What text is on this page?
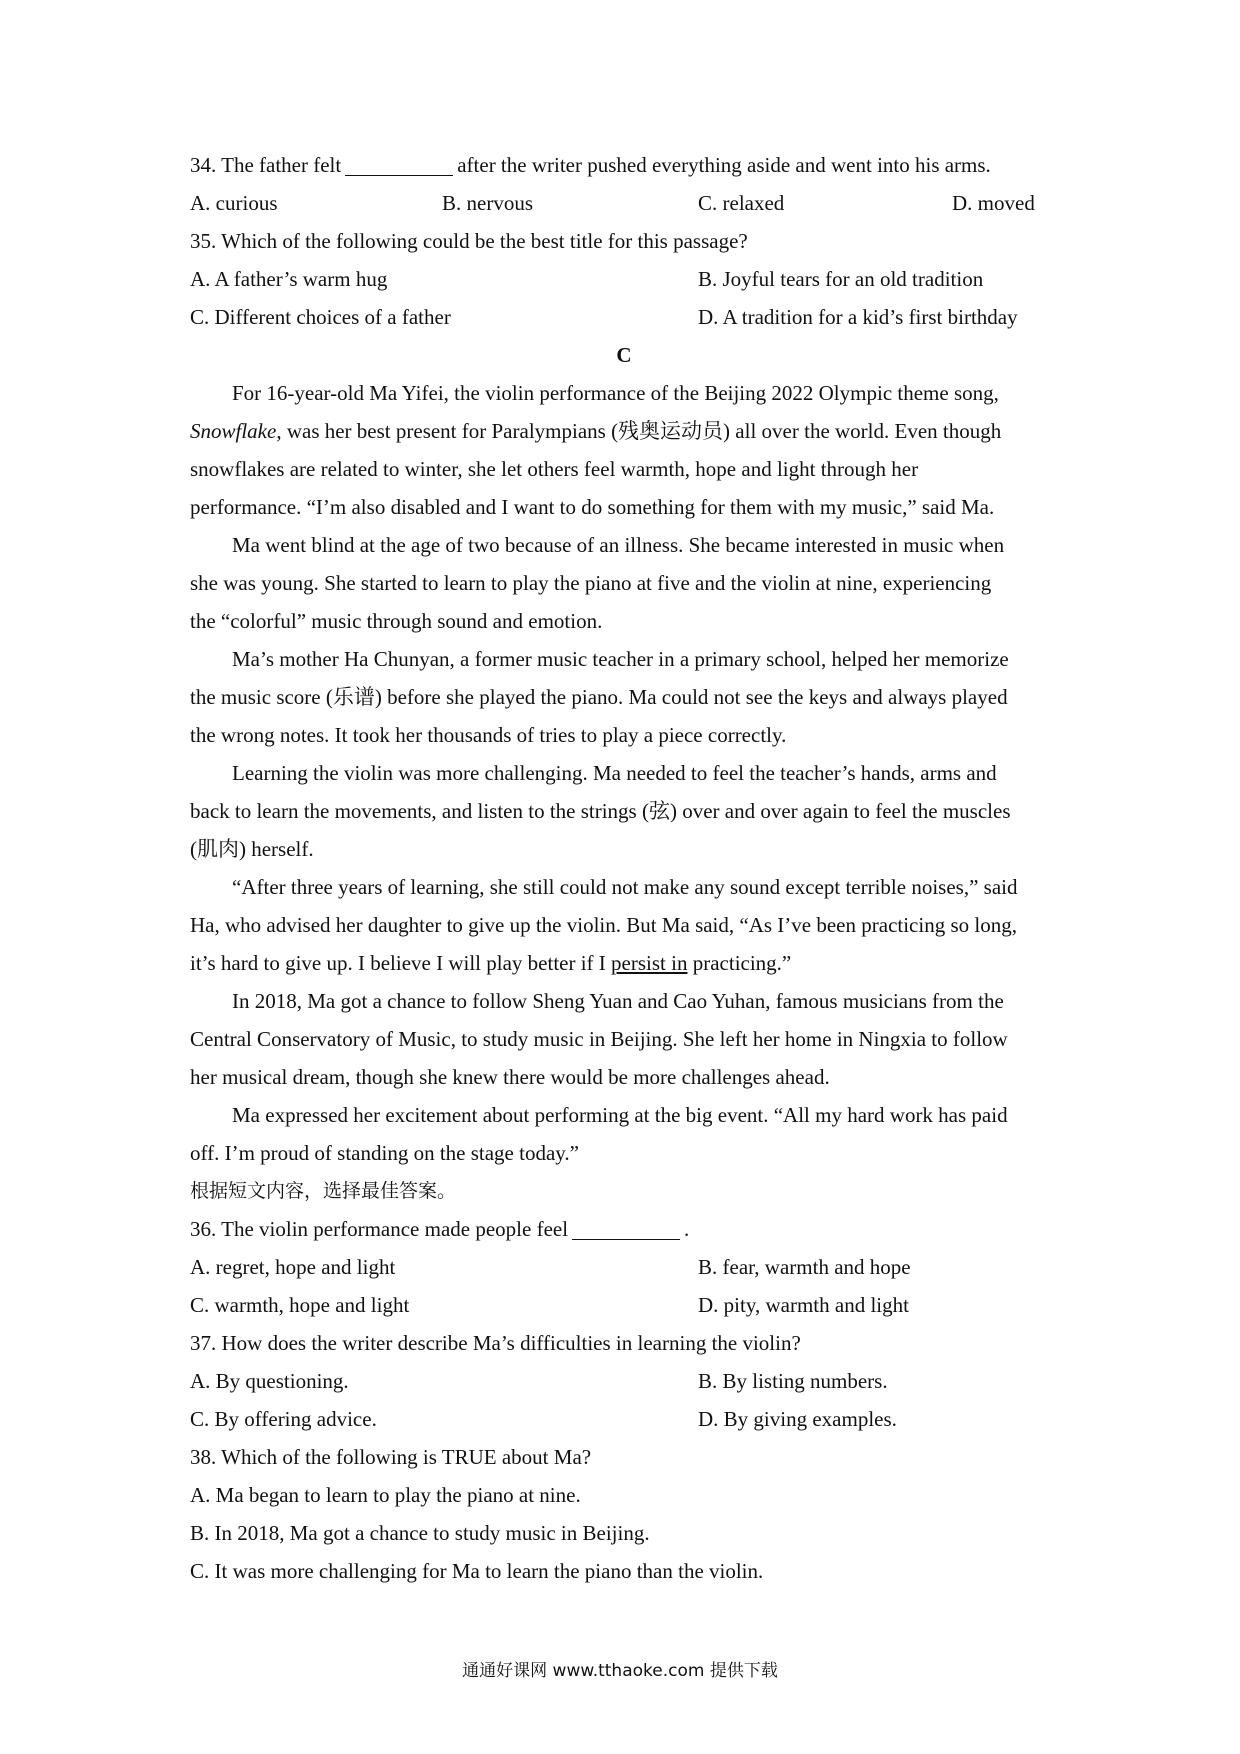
34. The father felt	after the writer pushed everything aside and went into his arms.
A. curious	B. nervous	C. relaxed	D. moved
35. Which of the following could be the best title for this passage?
A. A father’s warm hug	B. Joyful tears for an old tradition
C. Different choices of a father	D. A tradition for a kid’s first birthday
C
For 16-year-old Ma Yifei, the violin performance of the Beijing 2022 Olympic theme song,
Snowflake, was her best present for Paralympians (残奥运动员) all over the world. Even though
snowflakes are related to winter, she let others feel warmth, hope and light through her
performance. “I’m also disabled and I want to do something for them with my music,” said Ma.
Ma went blind at the age of two because of an illness. She became interested in music when
she was young. She started to learn to play the piano at five and the violin at nine, experiencing
the “colorful” music through sound and emotion.
Ma’s mother Ha Chunyan, a former music teacher in a primary school, helped her memorize
the music score (乐谱) before she played the piano. Ma could not see the keys and always played
the wrong notes. It took her thousands of tries to play a piece correctly.
Learning the violin was more challenging. Ma needed to feel the teacher’s hands, arms and
back to learn the movements, and listen to the strings (弦) over and over again to feel the muscles
(肌肉) herself.
“After three years of learning, she still could not make any sound except terrible noises,” said
Ha, who advised her daughter to give up the violin. But Ma said, “As I’ve been practicing so long,
it’s hard to give up. I believe I will play better if I persist in practicing.”
In 2018, Ma got a chance to follow Sheng Yuan and Cao Yuhan, famous musicians from the
Central Conservatory of Music, to study music in Beijing. She left her home in Ningxia to follow
her musical dream, though she knew there would be more challenges ahead.
Ma expressed her excitement about performing at the big event. “All my hard work has paid
off. I’m proud of standing on the stage today.”
根据短文内容，选择最佳答案。
36. The violin performance made people feel	.
A. regret, hope and light	B. fear, warmth and hope
C. warmth, hope and light	D. pity, warmth and light
37. How does the writer describe Ma’s difficulties in learning the violin?
A. By questioning.	B. By listing numbers.
C. By offering advice.	D. By giving examples.
38. Which of the following is TRUE about Ma?
A. Ma began to learn to play the piano at nine.
B. In 2018, Ma got a chance to study music in Beijing.
C. It was more challenging for Ma to learn the piano than the violin.
通通好课网 www.tthaoke.com 提供下载
